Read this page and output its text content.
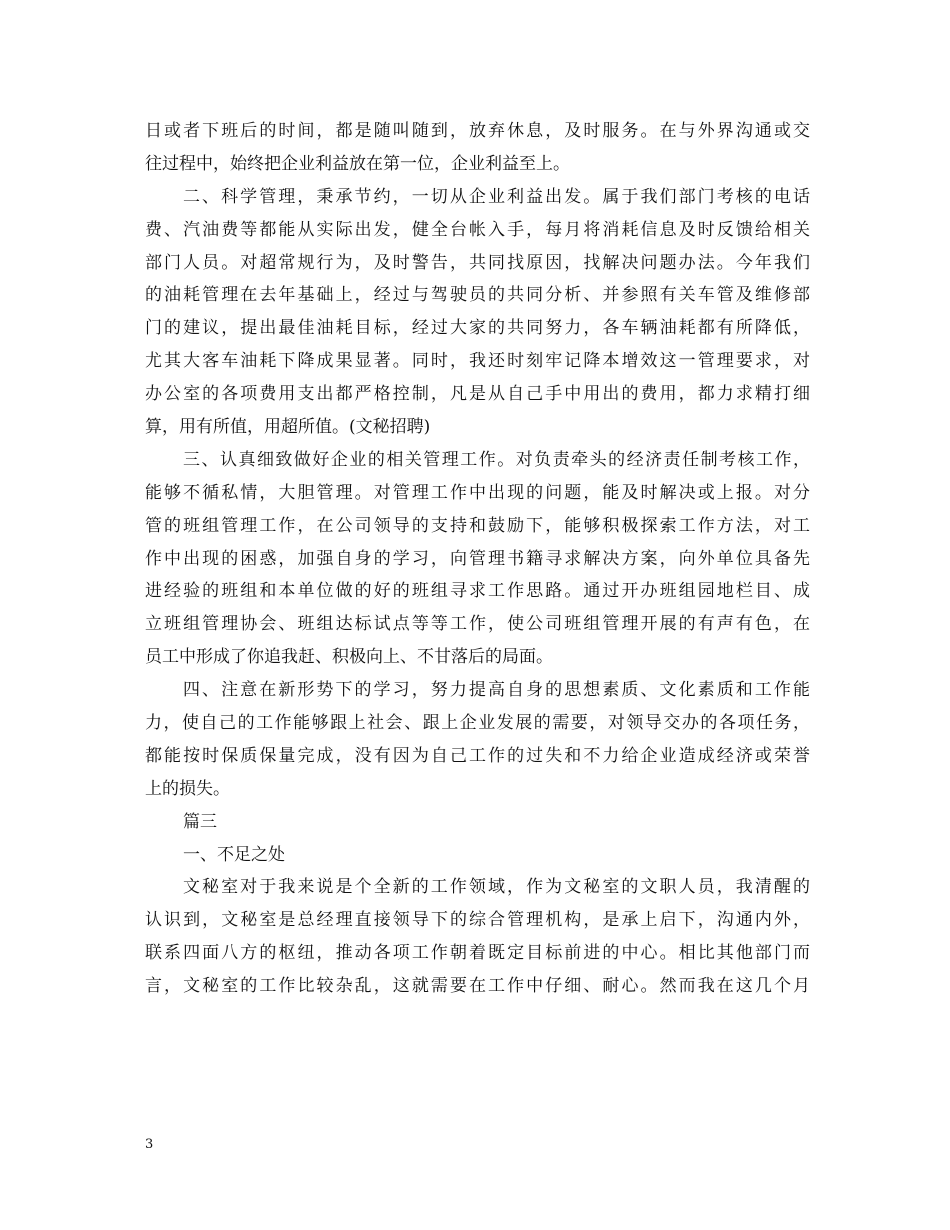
日或者下班后的时间，都是随叫随到，放弃休息，及时服务。在与外界沟通或交
往过程中，始终把企业利益放在第一位，企业利益至上。
二、科学管理，秉承节约，一切从企业利益出发。属于我们部门考核的电话
费、汽油费等都能从实际出发，健全台帐入手，每月将消耗信息及时反馈给相关
部门人员。对超常规行为，及时警告，共同找原因，找解决问题办法。今年我们
的油耗管理在去年基础上，经过与驾驶员的共同分析、并参照有关车管及维修部
门的建议，提出最佳油耗目标，经过大家的共同努力，各车辆油耗都有所降低，
尤其大客车油耗下降成果显著。同时，我还时刻牢记降本增效这一管理要求，对
办公室的各项费用支出都严格控制，凡是从自己手中用出的费用，都力求精打细
算，用有所值，用超所值。(文秘招聘)
三、认真细致做好企业的相关管理工作。对负责牵头的经济责任制考核工作，
能够不循私情，大胆管理。对管理工作中出现的问题，能及时解决或上报。对分
管的班组管理工作，在公司领导的支持和鼓励下，能够积极探索工作方法，对工
作中出现的困惑，加强自身的学习，向管理书籍寻求解决方案，向外单位具备先
进经验的班组和本单位做的好的班组寻求工作思路。通过开办班组园地栏目、成
立班组管理协会、班组达标试点等等工作，使公司班组管理开展的有声有色，在
员工中形成了你追我赶、积极向上、不甘落后的局面。
四、注意在新形势下的学习，努力提高自身的思想素质、文化素质和工作能
力，使自己的工作能够跟上社会、跟上企业发展的需要，对领导交办的各项任务，
都能按时保质保量完成，没有因为自己工作的过失和不力给企业造成经济或荣誉
上的损失。
篇三
一、不足之处
文秘室对于我来说是个全新的工作领域，作为文秘室的文职人员，我清醒的
认识到，文秘室是总经理直接领导下的综合管理机构，是承上启下，沟通内外，
联系四面八方的枢纽，推动各项工作朝着既定目标前进的中心。相比其他部门而
言，文秘室的工作比较杂乱，这就需要在工作中仔细、耐心。然而我在这几个月
3
